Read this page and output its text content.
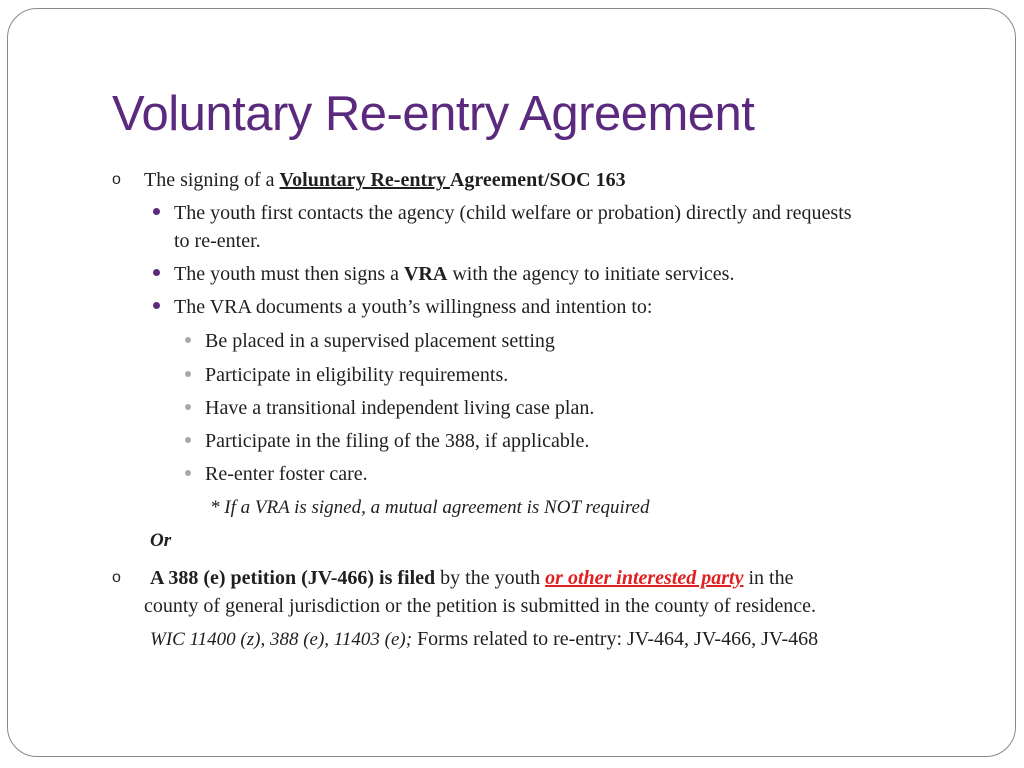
Voluntary Re-entry Agreement
o The signing of a Voluntary Re-entry Agreement/SOC 163
The youth first contacts the agency (child welfare or probation) directly and requests
to re-enter.
The youth must then signs a VRA with the agency to initiate services.
The VRA documents a youth’s willingness and intention to:
Be placed in a supervised placement setting
Participate in eligibility requirements.
Have a transitional independent living case plan.
Participate in the filing of the 388, if applicable.
Re-enter foster care.
* If a VRA is signed, a mutual agreement is NOT required
Or
o A 388 (e) petition (JV-466) is filed by the youth or other interested party in the
county of general jurisdiction or the petition is submitted in the county of residence.
WIC 11400 (z), 388 (e), 11403 (e); Forms related to re-entry: JV-464, JV-466, JV-468
